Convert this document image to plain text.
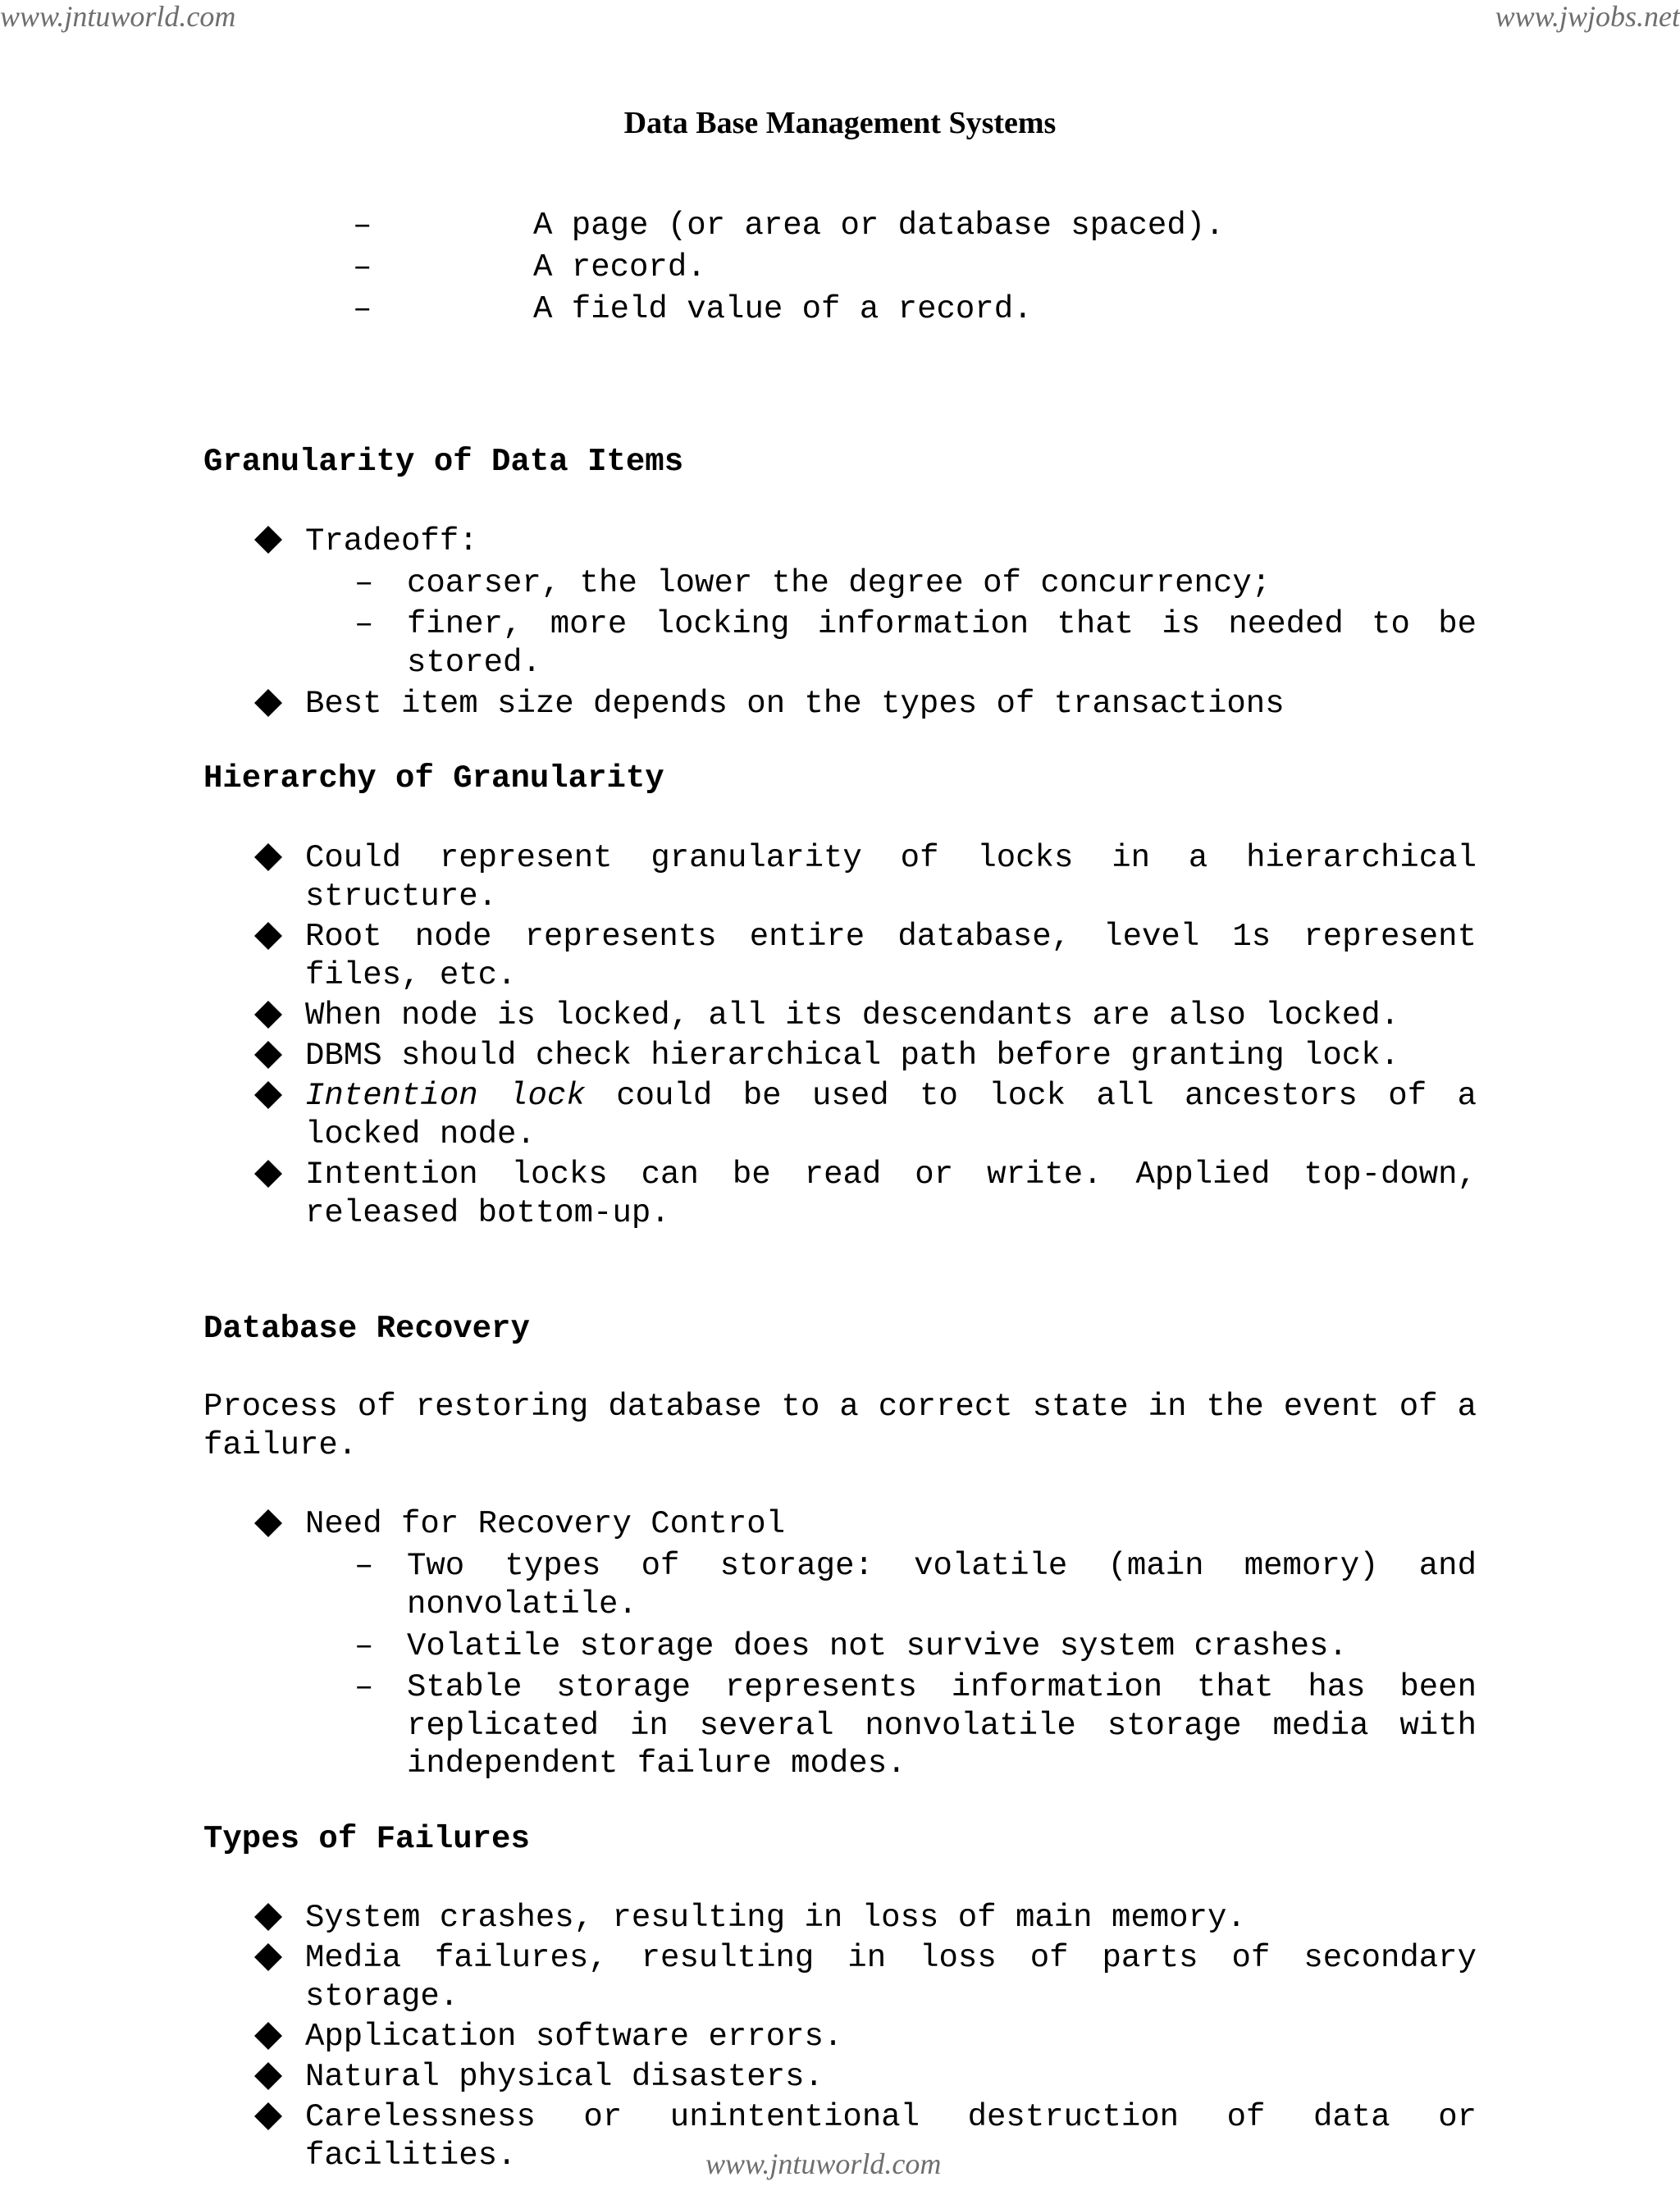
www.jntuworld.com	www.jwjobs.net
Data Base Management Systems
–	A page (or area or database spaced).

–	A record.

–	A field value of a record.

Granularity of Data Items

Tradeoff:

– coarser, the lower the degree of concurrency;

– finer, more locking information that is needed to be stored.

Best item size depends on the types of transactions

Hierarchy of Granularity

Could represent granularity of locks in a hierarchical structure.

Root node represents entire database, level 1s represent files, etc.

When node is locked, all its descendants are also locked.

DBMS should check hierarchical path before granting lock.

Intention lock could be used to lock all ancestors of a locked node.

Intention locks can be read or write. Applied top-down, released bottom-up.

Database Recovery

Process of restoring database to a correct state in the event of a failure.

Need for Recovery Control

– Two types of storage: volatile (main memory) and nonvolatile.

– Volatile storage does not survive system crashes.

– Stable storage represents information that has been replicated in several nonvolatile storage media with independent failure modes.

Types of Failures

System crashes, resulting in loss of main memory.

Media failures, resulting in loss of parts of secondary storage.

Application software errors.

Natural physical disasters.

Carelessness or unintentional destruction of data or facilities.	www.jntuworld.com
